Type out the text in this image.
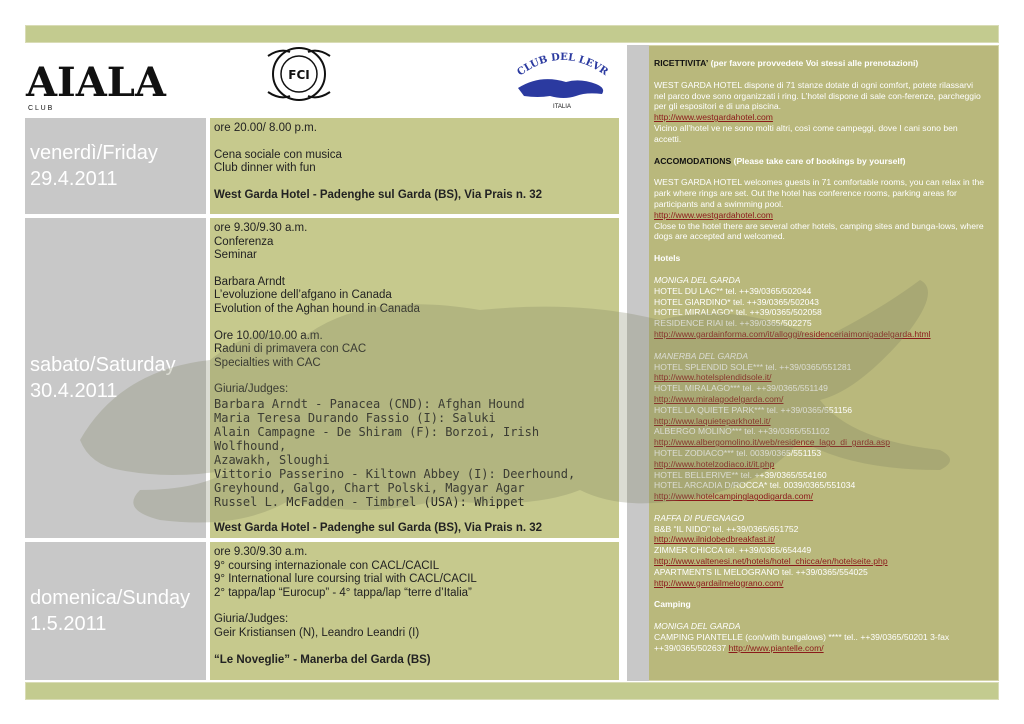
AIALA
C L U B
FCI	CLUB DEL LEVR
ITALIA
venerdì/Friday
29.4.2011
sabato/Saturday
30.4.2011
domenica/Sunday
1.5.2011
ore 20.00/ 8.00 p.m.
Cena sociale con musica
Club dinner with fun
West Garda Hotel - Padenghe sul Garda (BS), Via Prais n. 32
ore 9.30/9.30 a.m.
Conferenza
Seminar
Barbara Arndt
L’evoluzione dell’afgano in Canada
Evolution of the Aghan hound in Canada
Ore 10.00/10.00 a.m.
Raduni di primavera con CAC
Specialties with CAC
Giuria/Judges:
Barbara Arndt - Panacea (CND): Afghan Hound
Maria Teresa Durando Fassio (I): Saluki
Alain Campagne - De Shiram (F): Borzoi, Irish Wolfhound,
Azawakh, Sloughi
Vittorio Passerino - Kiltown Abbey (I): Deerhound,
Greyhound, Galgo, Chart Polski, Magyar Agar
Russel L. McFadden - Timbrel (USA): Whippet
West Garda Hotel - Padenghe sul Garda (BS), Via Prais n. 32
ore 9.30/9.30 a.m.
9° coursing internazionale con CACL/CACIL
9° International lure coursing trial with CACL/CACIL
2° tappa/lap “Eurocup” - 4° tappa/lap “terre d’Italia”
Giuria/Judges:
Geir Kristiansen (N), Leandro Leandri (I)
“Le Noveglie” - Manerba del Garda (BS)
RICETTIVITA’ (per favore provvedete Voi stessi alle prenotazioni)
WEST GARDA HOTEL dispone di 71 stanze dotate di ogni comfort, potete rilassarvi nel parco dove sono organizzati i ring. L’hotel dispone di sale con-ferenze, parcheggio per gli espositori e di una piscina.
http://www.westgardahotel.com
Vicino all’hotel ve ne sono molti altri, così come campeggi, dove I cani sono ben accetti.
ACCOMODATIONS (Please take care of bookings by yourself)
WEST GARDA HOTEL welcomes guests in 71 comfortable rooms, you can relax in the park where rings are set. Out the hotel has conference rooms, parking areas for participants and a swimming pool.
http://www.westgardahotel.com
Close to the hotel there are several other hotels, camping sites and bunga-lows, where dogs are accepted and welcomed.
Hotels
MONIGA DEL GARDA
HOTEL DU LAC** tel. ++39/0365/502044
HOTEL GIARDINO* tel. ++39/0365/502043
HOTEL MIRALAGO* tel. ++39/0365/502058
RESIDENCE RIAI tel. ++39/0365/502275
http://www.gardainforma.com/it/alloggi/residenceriaimonigadelgarda.html
MANERBA DEL GARDA
HOTEL SPLENDID SOLE*** tel. ++39/0365/551281
http://www.hotelsplendidsole.it/
HOTEL MIRALAGO*** tel. ++39/0365/551149
http://www.miralagodelgarda.com/
HOTEL LA QUIETE PARK*** tel. ++39/0365/551156
http://www.laquieteparkhotel.it/
ALBERGO MOLINO*** tel. ++39/0365/551102
http://www.albergomolino.it/web/residence_lago_di_garda.asp
HOTEL ZODIACO*** tel. 0039/0365/551153
http://www.hotelzodiaco.it/it.php
HOTEL BELLERIVE** tel. ++39/0365/554160
HOTEL ARCADIA D/ROCCA* tel. 0039/0365/551034
http://www.hotelcampinglagodigarda.com/
RAFFA DI PUEGNAGO
B&B “IL NIDO” tel. ++39/0365/651752
http://www.ilnidobedbreakfast.it/
ZIMMER CHICCA tel. ++39/0365/654449
http://www.valtenesi.net/hotels/hotel_chicca/en/hotelseite.php
APARTMENTS IL MELOGRANO tel. ++39/0365/554025
http://www.gardailmelograno.com/
Camping
MONIGA DEL GARDA
CAMPING PIANTELLE (con/with bungalows) **** tel.. ++39/0365/50201 3-fax ++39/0365/502637 http://www.piantelle.com/
